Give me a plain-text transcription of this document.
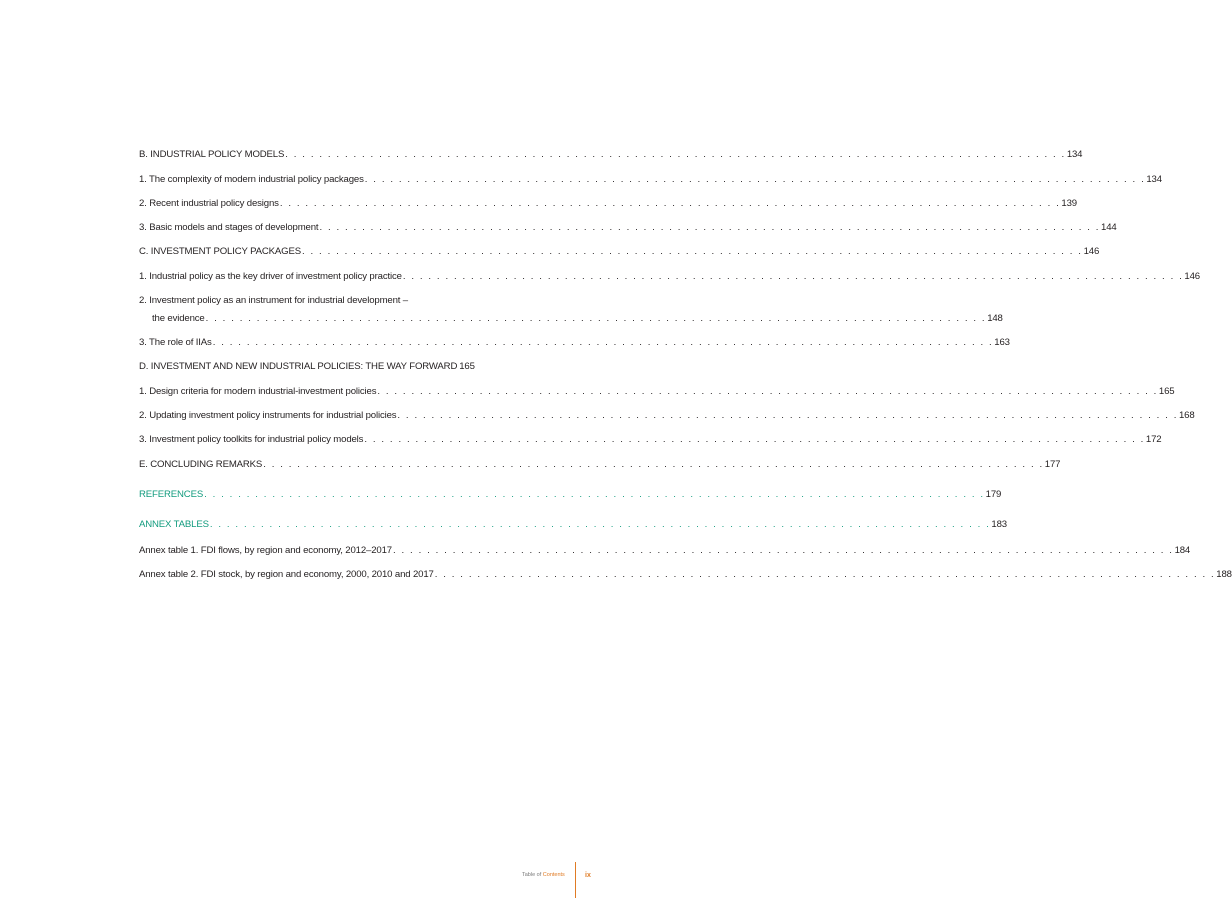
B. INDUSTRIAL POLICY MODELS . . . . . . . . . . . . . . . . . . . . . . . . . . . . . . . . . . . . . . . . . . . . . . . . . . . . . . . . . . . . . . . . . . . . . . . . . . . . . . . . . . . . . . . . . . . . 134
1. The complexity of modern industrial policy packages . . . . . . . . . . . . . . . . . . . . . . . . . . . . . . . . . . . . . . . . . . . . . . . . . . . . . . . . . . . . . . . . . . . . . . . . . . . . . . . . . . . . . . . . . . . . 134
2. Recent industrial policy designs . . . . . . . . . . . . . . . . . . . . . . . . . . . . . . . . . . . . . . . . . . . . . . . . . . . . . . . . . . . . . . . . . . . . . . . . . . . . . . . . . . . . . . . . . . . . 139
3. Basic models and stages of development . . . . . . . . . . . . . . . . . . . . . . . . . . . . . . . . . . . . . . . . . . . . . . . . . . . . . . . . . . . . . . . . . . . . . . . . . . . . . . . . . . . . . . . . . . . . 144
C. INVESTMENT POLICY PACKAGES . . . . . . . . . . . . . . . . . . . . . . . . . . . . . . . . . . . . . . . . . . . . . . . . . . . . . . . . . . . . . . . . . . . . . . . . . . . . . . . . . . . . . . . . . . . . 146
1. Industrial policy as the key driver of investment policy practice . . . . . . . . . . . . . . . . . . . . . . . . . . . . . . . . . . . . . . . . . . . . . . . . . . . . . . . . . . . . . . . . . . . . . . . . . . . . . . . . . . . . . . . . . . . . 146
2. Investment policy as an instrument for industrial development –
the evidence . . . . . . . . . . . . . . . . . . . . . . . . . . . . . . . . . . . . . . . . . . . . . . . . . . . . . . . . . . . . . . . . . . . . . . . . . . . . . . . . . . . . . . . . . . . . 148
3. The role of IIAs . . . . . . . . . . . . . . . . . . . . . . . . . . . . . . . . . . . . . . . . . . . . . . . . . . . . . . . . . . . . . . . . . . . . . . . . . . . . . . . . . . . . . . . . . . . . 163
D. INVESTMENT AND NEW INDUSTRIAL POLICIES: THE WAY FORWARD 165
1. Design criteria for modern industrial-investment policies . . . . . . . . . . . . . . . . . . . . . . . . . . . . . . . . . . . . . . . . . . . . . . . . . . . . . . . . . . . . . . . . . . . . . . . . . . . . . . . . . . . . . . . . . . . . 165
2. Updating investment policy instruments for industrial policies . . . . . . . . . . . . . . . . . . . . . . . . . . . . . . . . . . . . . . . . . . . . . . . . . . . . . . . . . . . . . . . . . . . . . . . . . . . . . . . . . . . . . . . . . . . . 168
3. Investment policy toolkits for industrial policy models . . . . . . . . . . . . . . . . . . . . . . . . . . . . . . . . . . . . . . . . . . . . . . . . . . . . . . . . . . . . . . . . . . . . . . . . . . . . . . . . . . . . . . . . . . . . 172
E. CONCLUDING REMARKS . . . . . . . . . . . . . . . . . . . . . . . . . . . . . . . . . . . . . . . . . . . . . . . . . . . . . . . . . . . . . . . . . . . . . . . . . . . . . . . . . . . . . . . . . . . . 177
REFERENCES . . . . . . . . . . . . . . . . . . . . . . . . . . . . . . . . . . . . . . . . . . . . . . . . . . . . . . . . . . . . . . . . . . . . . . . . . . . . . . . . . . . . . . . . . . . . 179
ANNEX TABLES . . . . . . . . . . . . . . . . . . . . . . . . . . . . . . . . . . . . . . . . . . . . . . . . . . . . . . . . . . . . . . . . . . . . . . . . . . . . . . . . . . . . . . . . . . . . 183
Annex table 1. FDI flows, by region and economy, 2012–2017 . . . . . . . . . . . . . . . . . . . . . . . . . . . . . . . . . . . . . . . . . . . . . . . . . . . . . . . . . . . . . . . . . . . . . . . . . . . . . . . . . . . . . . . . . . . . 184
Annex table 2. FDI stock, by region and economy, 2000, 2010 and 2017 . . . . . . . . . . . . . . . . . . . . . . . . . . . . . . . . . . . . . . . . . . . . . . . . . . . . . . . . . . . . . . . . . . . . . . . . . . . . . . . . . . . . . . . . . . . . 188
Table of Contents	ix
